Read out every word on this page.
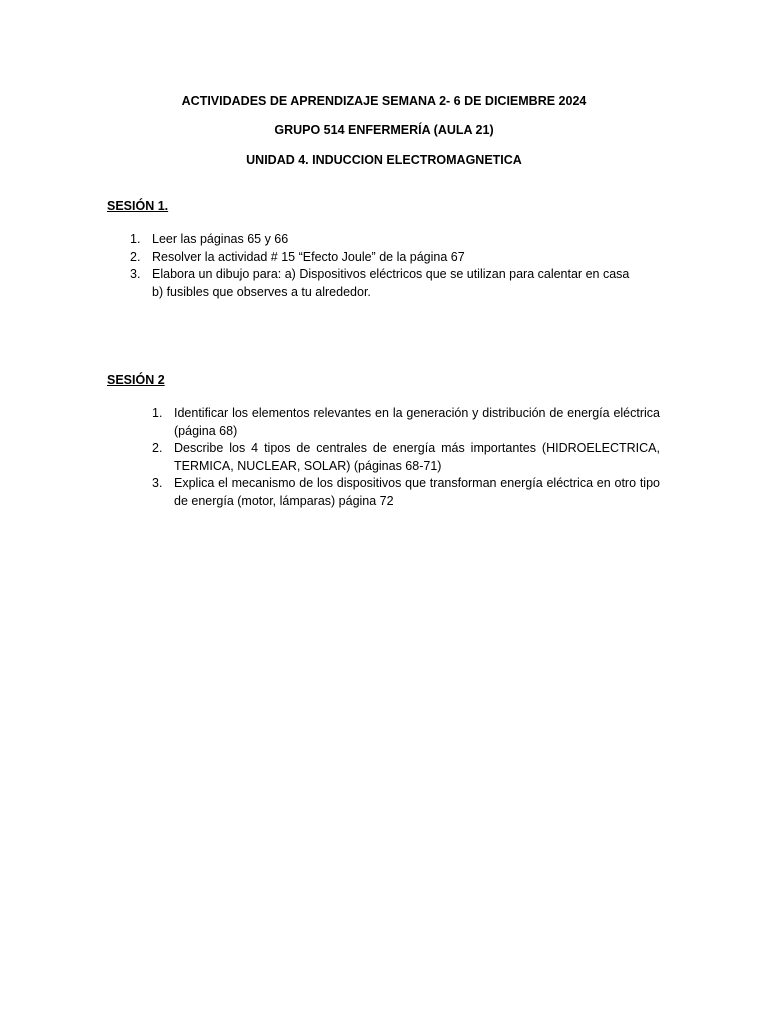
ACTIVIDADES DE APRENDIZAJE SEMANA 2- 6 DE DICIEMBRE 2024
GRUPO 514 ENFERMERÍA (AULA 21)
UNIDAD 4. INDUCCION ELECTROMAGNETICA
SESIÓN 1.
1. Leer las páginas 65 y 66
2. Resolver la actividad # 15 “Efecto Joule” de la página 67
3. Elabora un dibujo para: a) Dispositivos eléctricos que se utilizan para calentar en casa
b) fusibles que observes a tu alrededor.
SESIÓN 2
1. Identificar los elementos relevantes en la generación y distribución de energía eléctrica (página 68)
2. Describe los 4 tipos de centrales de energía más importantes (HIDROELECTRICA, TERMICA, NUCLEAR, SOLAR) (páginas 68-71)
3. Explica el mecanismo de los dispositivos que transforman energía eléctrica en otro tipo de energía (motor, lámparas) página 72
